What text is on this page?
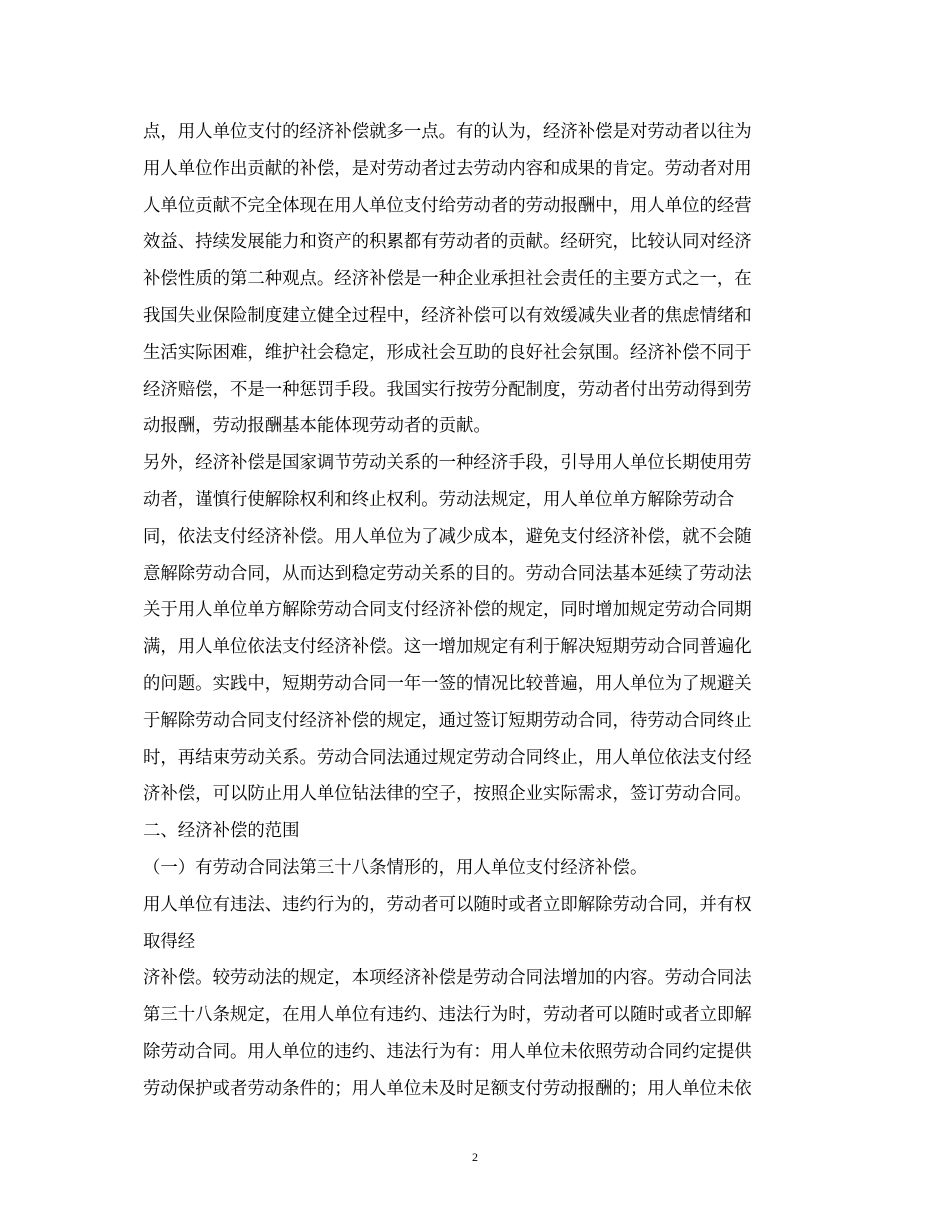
点，用人单位支付的经济补偿就多一点。有的认为，经济补偿是对劳动者以往为
用人单位作出贡献的补偿，是对劳动者过去劳动内容和成果的肯定。劳动者对用
人单位贡献不完全体现在用人单位支付给劳动者的劳动报酬中，用人单位的经营
效益、持续发展能力和资产的积累都有劳动者的贡献。经研究，比较认同对经济
补偿性质的第二种观点。经济补偿是一种企业承担社会责任的主要方式之一，在
我国失业保险制度建立健全过程中，经济补偿可以有效缓减失业者的焦虑情绪和
生活实际困难，维护社会稳定，形成社会互助的良好社会氛围。经济补偿不同于
经济赔偿，不是一种惩罚手段。我国实行按劳分配制度，劳动者付出劳动得到劳
动报酬，劳动报酬基本能体现劳动者的贡献。
另外，经济补偿是国家调节劳动关系的一种经济手段，引导用人单位长期使用劳
动者，谨慎行使解除权利和终止权利。劳动法规定，用人单位单方解除劳动合
同，依法支付经济补偿。用人单位为了减少成本，避免支付经济补偿，就不会随
意解除劳动合同，从而达到稳定劳动关系的目的。劳动合同法基本延续了劳动法
关于用人单位单方解除劳动合同支付经济补偿的规定，同时增加规定劳动合同期
满，用人单位依法支付经济补偿。这一增加规定有利于解决短期劳动合同普遍化
的问题。实践中，短期劳动合同一年一签的情况比较普遍，用人单位为了规避关
于解除劳动合同支付经济补偿的规定，通过签订短期劳动合同，待劳动合同终止
时，再结束劳动关系。劳动合同法通过规定劳动合同终止，用人单位依法支付经
济补偿，可以防止用人单位钻法律的空子，按照企业实际需求，签订劳动合同。
二、经济补偿的范围
（一）有劳动合同法第三十八条情形的，用人单位支付经济补偿。
用人单位有违法、违约行为的，劳动者可以随时或者立即解除劳动合同，并有权
取得经
济补偿。较劳动法的规定，本项经济补偿是劳动合同法增加的内容。劳动合同法
第三十八条规定，在用人单位有违约、违法行为时，劳动者可以随时或者立即解
除劳动合同。用人单位的违约、违法行为有：用人单位未依照劳动合同约定提供
劳动保护或者劳动条件的；用人单位未及时足额支付劳动报酬的；用人单位未依
2
